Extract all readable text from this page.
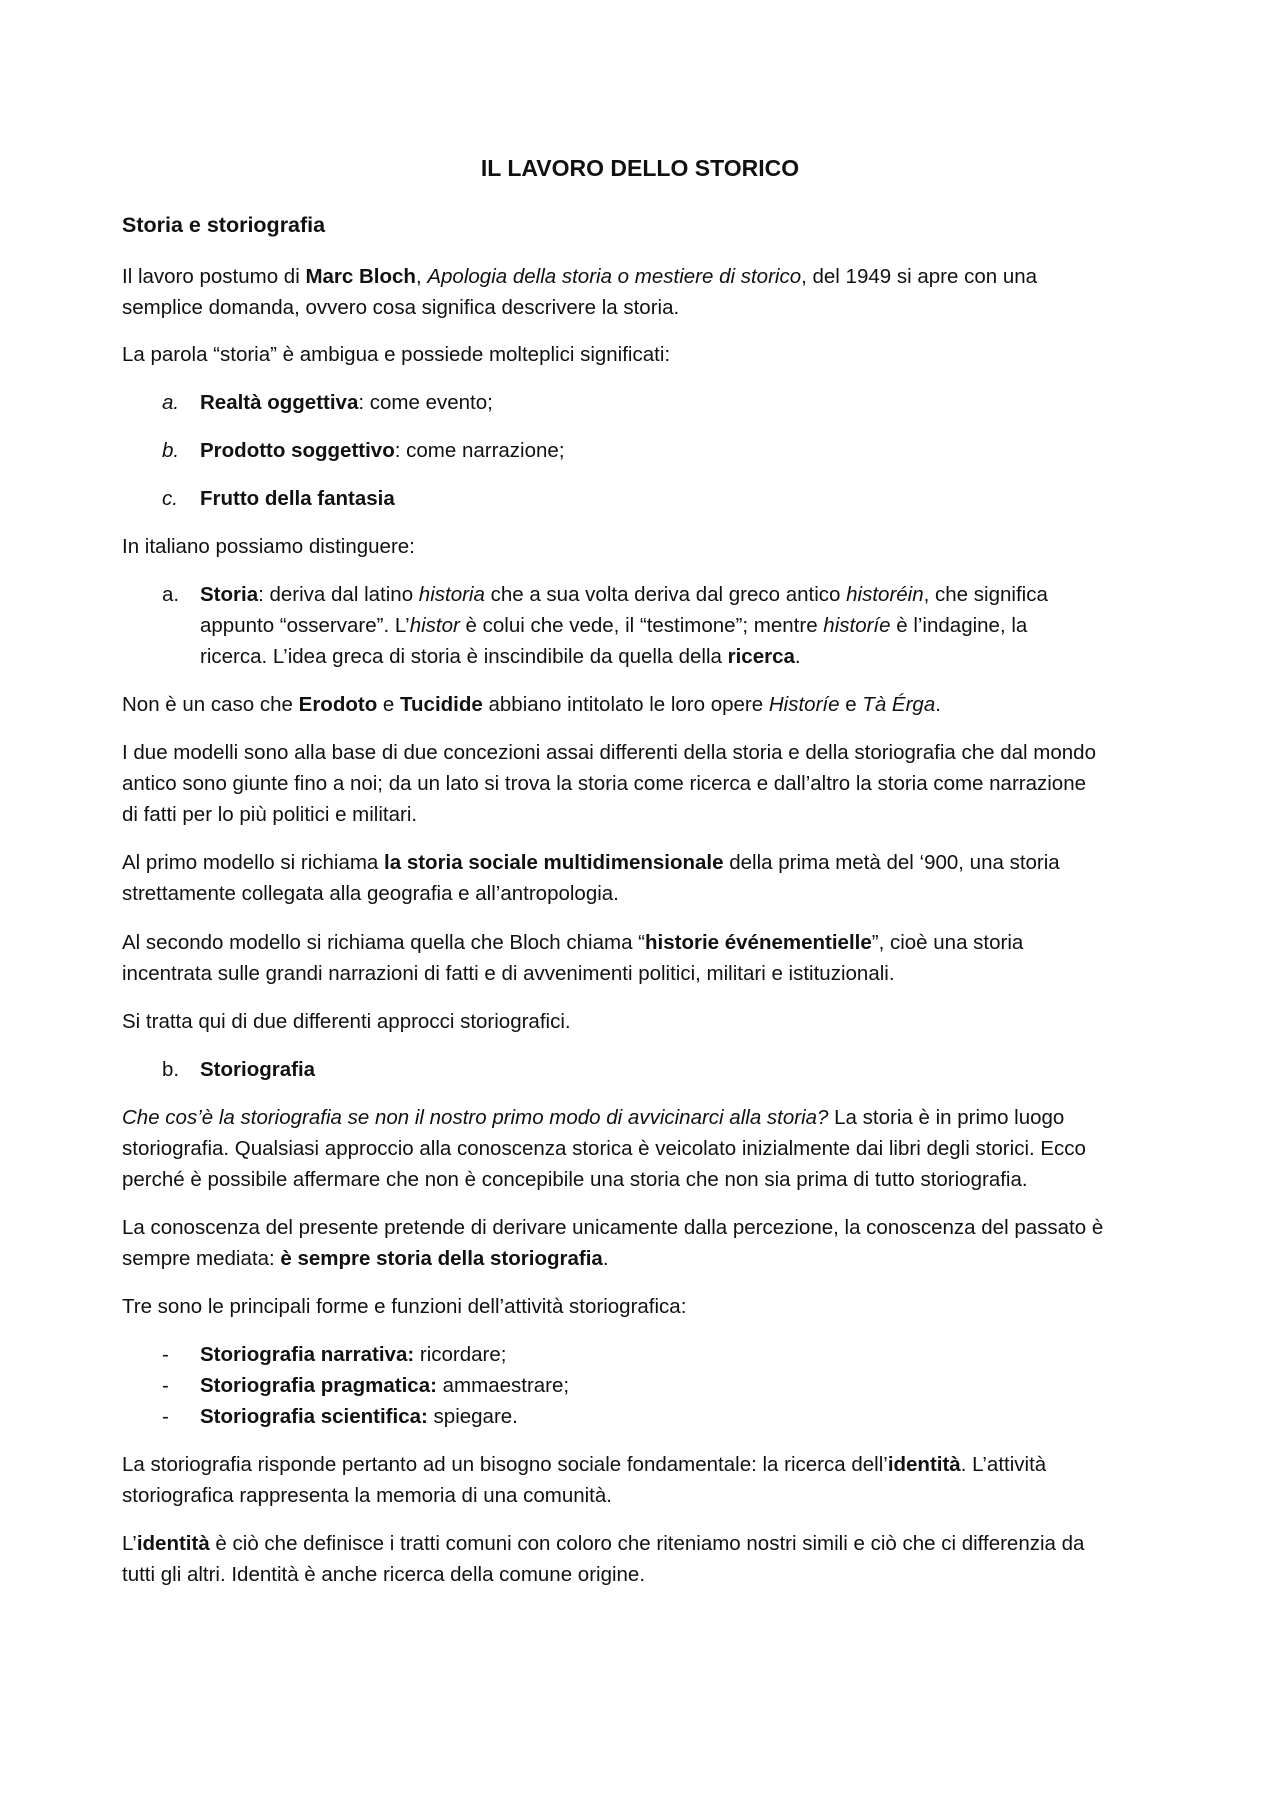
IL LAVORO DELLO STORICO
Storia e storiografia
Il lavoro postumo di Marc Bloch, Apologia della storia o mestiere di storico, del 1949 si apre con una
semplice domanda, ovvero cosa significa descrivere la storia.
La parola “storia” è ambigua e possiede molteplici significati:
a. Realtà oggettiva: come evento;
b. Prodotto soggettivo: come narrazione;
c. Frutto della fantasia
In italiano possiamo distinguere:
a. Storia: deriva dal latino historia che a sua volta deriva dal greco antico historéin, che significa
appunto “osservare”. L’histor è colui che vede, il “testimone”; mentre historíe è l’indagine, la
ricerca. L’idea greca di storia è inscindibile da quella della ricerca.
Non è un caso che Erodoto e Tucidide abbiano intitolato le loro opere Historíe e Tà Érga.
I due modelli sono alla base di due concezioni assai differenti della storia e della storiografia che dal mondo
antico sono giunte fino a noi; da un lato si trova la storia come ricerca e dall’altro la storia come narrazione
di fatti per lo più politici e militari.
Al primo modello si richiama la storia sociale multidimensionale della prima metà del ‘900, una storia
strettamente collegata alla geografia e all’antropologia.
Al secondo modello si richiama quella che Bloch chiama “historie événementielle”, cioè una storia
incentrata sulle grandi narrazioni di fatti e di avvenimenti politici, militari e istituzionali.
Si tratta qui di due differenti approcci storiografici.
b. Storiografia
Che cos’è la storiografia se non il nostro primo modo di avvicinarci alla storia? La storia è in primo luogo
storiografia. Qualsiasi approccio alla conoscenza storica è veicolato inizialmente dai libri degli storici. Ecco
perché è possibile affermare che non è concepibile una storia che non sia prima di tutto storiografia.
La conoscenza del presente pretende di derivare unicamente dalla percezione, la conoscenza del passato è
sempre mediata: è sempre storia della storiografia.
Tre sono le principali forme e funzioni dell’attività storiografica:
- Storiografia narrativa: ricordare;
- Storiografia pragmatica: ammaestrare;
- Storiografia scientifica: spiegare.
La storiografia risponde pertanto ad un bisogno sociale fondamentale: la ricerca dell’identità. L’attività
storiografica rappresenta la memoria di una comunità.
L’identità è ciò che definisce i tratti comuni con coloro che riteniamo nostri simili e ciò che ci differenzia da
tutti gli altri. Identità è anche ricerca della comune origine.
